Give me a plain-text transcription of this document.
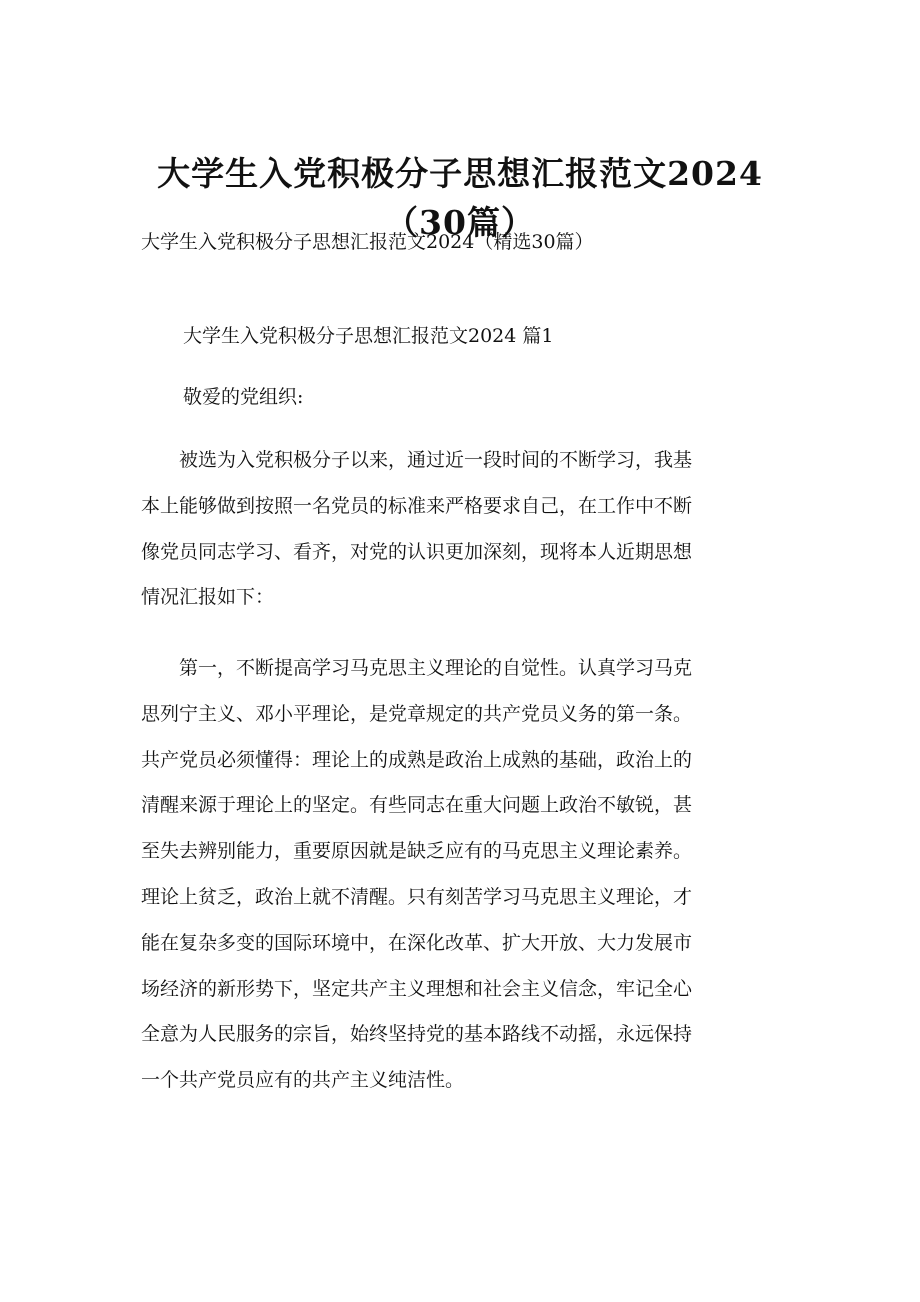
大学生入党积极分子思想汇报范文2024
（30篇）

大学生入党积极分子思想汇报范文2024（精选30篇）

大学生入党积极分子思想汇报范文2024 篇1

敬爱的党组织:

　　被选为入党积极分子以来，通过近一段时间的不断学习，我基
本上能够做到按照一名党员的标准来严格要求自己，在工作中不断
像党员同志学习、看齐，对党的认识更加深刻，现将本人近期思想
情况汇报如下：
　　第一，不断提高学习马克思主义理论的自觉性。认真学习马克
思列宁主义、邓小平理论，是党章规定的共产党员义务的第一条。
共产党员必须懂得：理论上的成熟是政治上成熟的基础，政治上的
清醒来源于理论上的坚定。有些同志在重大问题上政治不敏锐，甚
至失去辨别能力，重要原因就是缺乏应有的马克思主义理论素养。
理论上贫乏，政治上就不清醒。只有刻苦学习马克思主义理论，才
能在复杂多变的国际环境中，在深化改革、扩大开放、大力发展市
场经济的新形势下，坚定共产主义理想和社会主义信念，牢记全心
全意为人民服务的宗旨，始终坚持党的基本路线不动摇，永远保持
一个共产党员应有的共产主义纯洁性。
